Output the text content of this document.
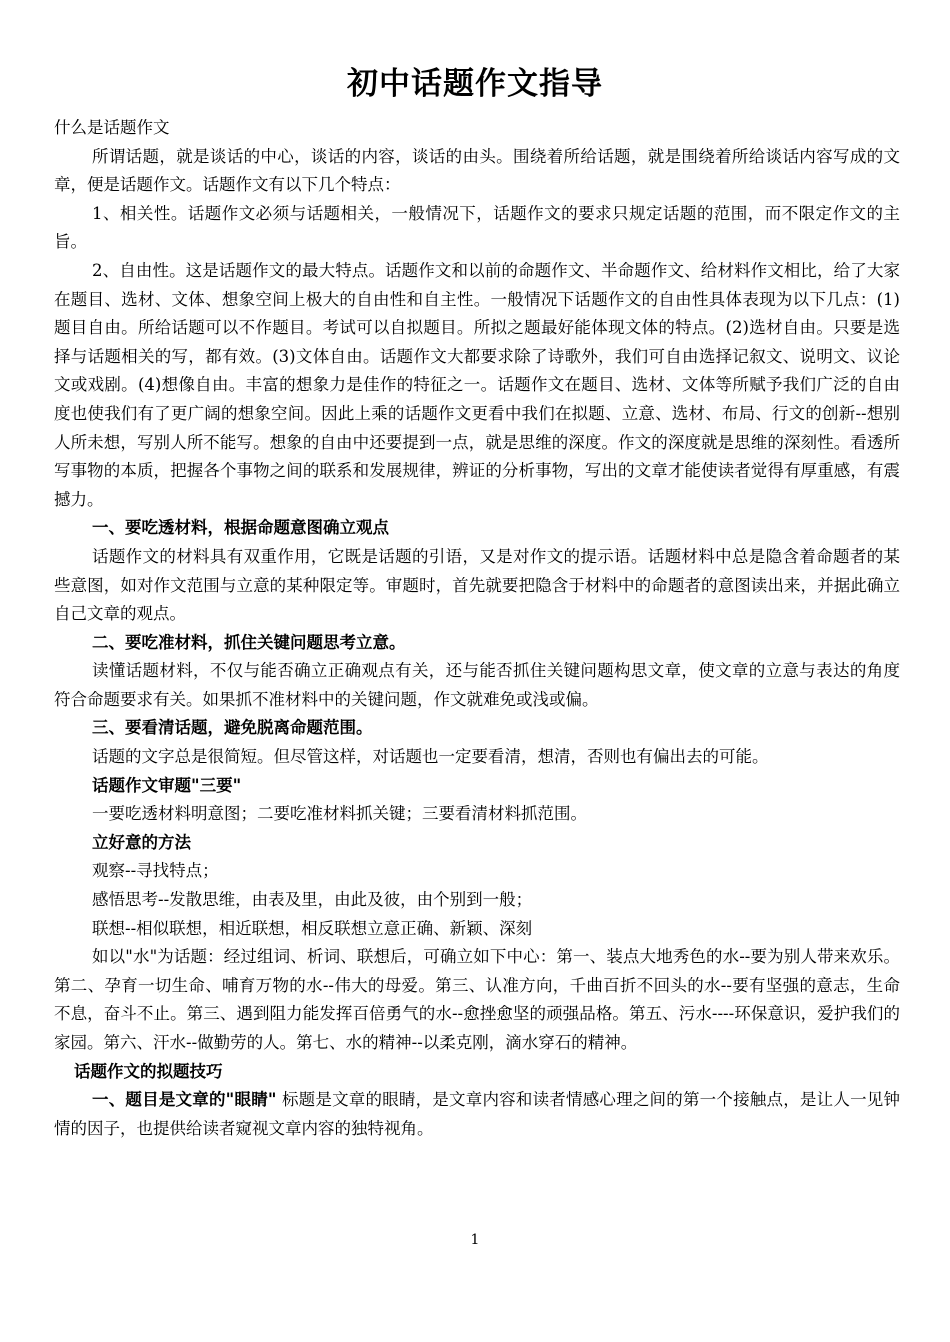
初中话题作文指导

什么是话题作文

所谓话题，就是谈话的中心，谈话的内容，谈话的由头。围绕着所给话题，就是围绕着所给谈话内容写成的文章，便是话题作文。话题作文有以下几个特点：

1、相关性。话题作文必须与话题相关，一般情况下，话题作文的要求只规定话题的范围，而不限定作文的主旨。

2、自由性。这是话题作文的最大特点。话题作文和以前的命题作文、半命题作文、给材料作文相比，给了大家在题目、选材、文体、想象空间上极大的自由性和自主性。一般情况下话题作文的自由性具体表现为以下几点：(1)题目自由。所给话题可以不作题目。考试可以自拟题目。所拟之题最好能体现文体的特点。(2)选材自由。只要是选择与话题相关的写，都有效。(3)文体自由。话题作文大都要求除了诗歌外，我们可自由选择记叙文、说明文、议论文或戏剧。(4)想像自由。丰富的想象力是佳作的特征之一。话题作文在题目、选材、文体等所赋予我们广泛的自由度也使我们有了更广阔的想象空间。因此上乘的话题作文更看中我们在拟题、立意、选材、布局、行文的创新--想别人所未想，写别人所不能写。想象的自由中还要提到一点，就是思维的深度。作文的深度就是思维的深刻性。看透所写事物的本质，把握各个事物之间的联系和发展规律，辨证的分析事物，写出的文章才能使读者觉得有厚重感，有震撼力。

一、要吃透材料，根据命题意图确立观点

话题作文的材料具有双重作用，它既是话题的引语，又是对作文的提示语。话题材料中总是隐含着命题者的某些意图，如对作文范围与立意的某种限定等。审题时，首先就要把隐含于材料中的命题者的意图读出来，并据此确立自己文章的观点。

二、要吃准材料，抓住关键问题思考立意。

读懂话题材料，不仅与能否确立正确观点有关，还与能否抓住关键问题构思文章，使文章的立意与表达的角度符合命题要求有关。如果抓不准材料中的关键问题，作文就难免或浅或偏。

三、要看清话题，避免脱离命题范围。

话题的文字总是很简短。但尽管这样，对话题也一定要看清，想清，否则也有偏出去的可能。

话题作文审题"三要"

一要吃透材料明意图；二要吃准材料抓关键；三要看清材料抓范围。

立好意的方法

观察--寻找特点；

感悟思考--发散思维，由表及里，由此及彼，由个别到一般；

联想--相似联想，相近联想，相反联想立意正确、新颖、深刻

如以"水"为话题：经过组词、析词、联想后，可确立如下中心：第一、装点大地秀色的水--要为别人带来欢乐。第二、孕育一切生命、哺育万物的水--伟大的母爱。第三、认准方向，千曲百折不回头的水--要有坚强的意志，生命不息，奋斗不止。第三、遇到阻力能发挥百倍勇气的水--愈挫愈坚的顽强品格。第五、污水----环保意识，爱护我们的家园。第六、汗水--做勤劳的人。第七、水的精神--以柔克刚，滴水穿石的精神。

话题作文的拟题技巧

一、题目是文章的"眼睛" 标题是文章的眼睛，是文章内容和读者情感心理之间的第一个接触点，是让人一见钟情的因子，也提供给读者窥视文章内容的独特视角。

1
